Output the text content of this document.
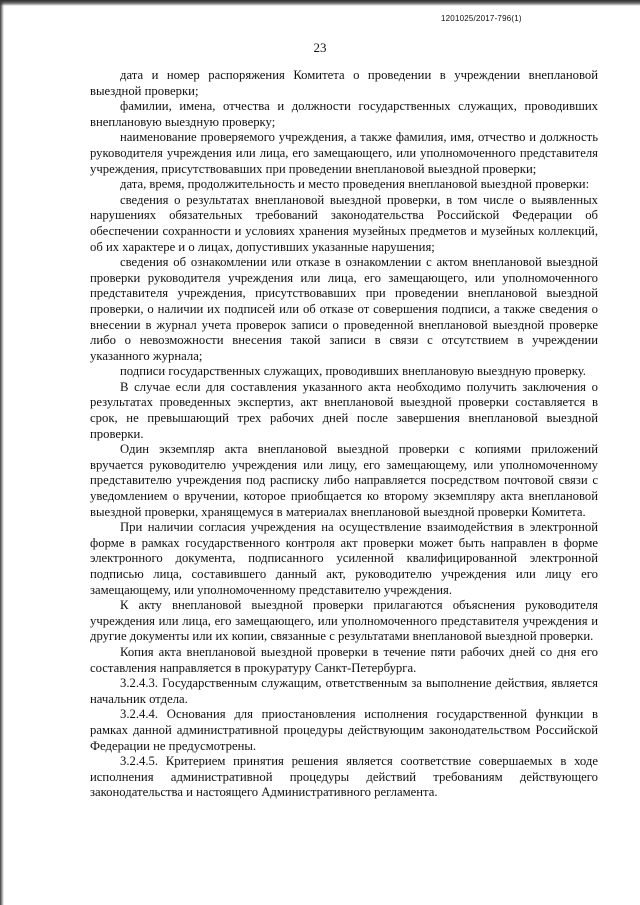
1201025/2017-796(1)
23

дата и номер распоряжения Комитета о проведении в учреждении внеплановой выездной проверки;

фамилии, имена, отчества и должности государственных служащих, проводивших внеплановую выездную проверку;

наименование проверяемого учреждения, а также фамилия, имя, отчество и должность руководителя учреждения или лица, его замещающего, или уполномоченного представителя учреждения, присутствовавших при проведении внеплановой выездной проверки;

дата, время, продолжительность и место проведения внеплановой выездной проверки:

сведения о результатах внеплановой выездной проверки, в том числе о выявленных нарушениях обязательных требований законодательства Российской Федерации об обеспечении сохранности и условиях хранения музейных предметов и музейных коллекций, об их характере и о лицах, допустивших указанные нарушения;

сведения об ознакомлении или отказе в ознакомлении с актом внеплановой выездной проверки руководителя учреждения или лица, его замещающего, или уполномоченного представителя учреждения, присутствовавших при проведении внеплановой выездной проверки, о наличии их подписей или об отказе от совершения подписи, а также сведения о внесении в журнал учета проверок записи о проведенной внеплановой выездной проверке либо о невозможности внесения такой записи в связи с отсутствием в учреждении указанного журнала;

подписи государственных служащих, проводивших внеплановую выездную проверку.

В случае если для составления указанного акта необходимо получить заключения о результатах проведенных экспертиз, акт внеплановой выездной проверки составляется в срок, не превышающий трех рабочих дней после завершения внеплановой выездной проверки.

Один экземпляр акта внеплановой выездной проверки с копиями приложений вручается руководителю учреждения или лицу, его замещающему, или уполномоченному представителю учреждения под расписку либо направляется посредством почтовой связи с уведомлением о вручении, которое приобщается ко второму экземпляру акта внеплановой выездной проверки, хранящемуся в материалах внеплановой выездной проверки Комитета.

При наличии согласия учреждения на осуществление взаимодействия в электронной форме в рамках государственного контроля акт проверки может быть направлен в форме электронного документа, подписанного усиленной квалифицированной электронной подписью лица, составившего данный акт, руководителю учреждения или лицу его замещающему, или уполномоченному представителю учреждения.

К акту внеплановой выездной проверки прилагаются объяснения руководителя учреждения или лица, его замещающего, или уполномоченного представителя учреждения и другие документы или их копии, связанные с результатами внеплановой выездной проверки.

Копия акта внеплановой выездной проверки в течение пяти рабочих дней со дня его составления направляется в прокуратуру Санкт-Петербурга.

3.2.4.3. Государственным служащим, ответственным за выполнение действия, является начальник отдела.

3.2.4.4. Основания для приостановления исполнения государственной функции в рамках данной административной процедуры действующим законодательством Российской Федерации не предусмотрены.

3.2.4.5. Критерием принятия решения является соответствие совершаемых в ходе исполнения административной процедуры действий требованиям действующего законодательства и настоящего Административного регламента.
